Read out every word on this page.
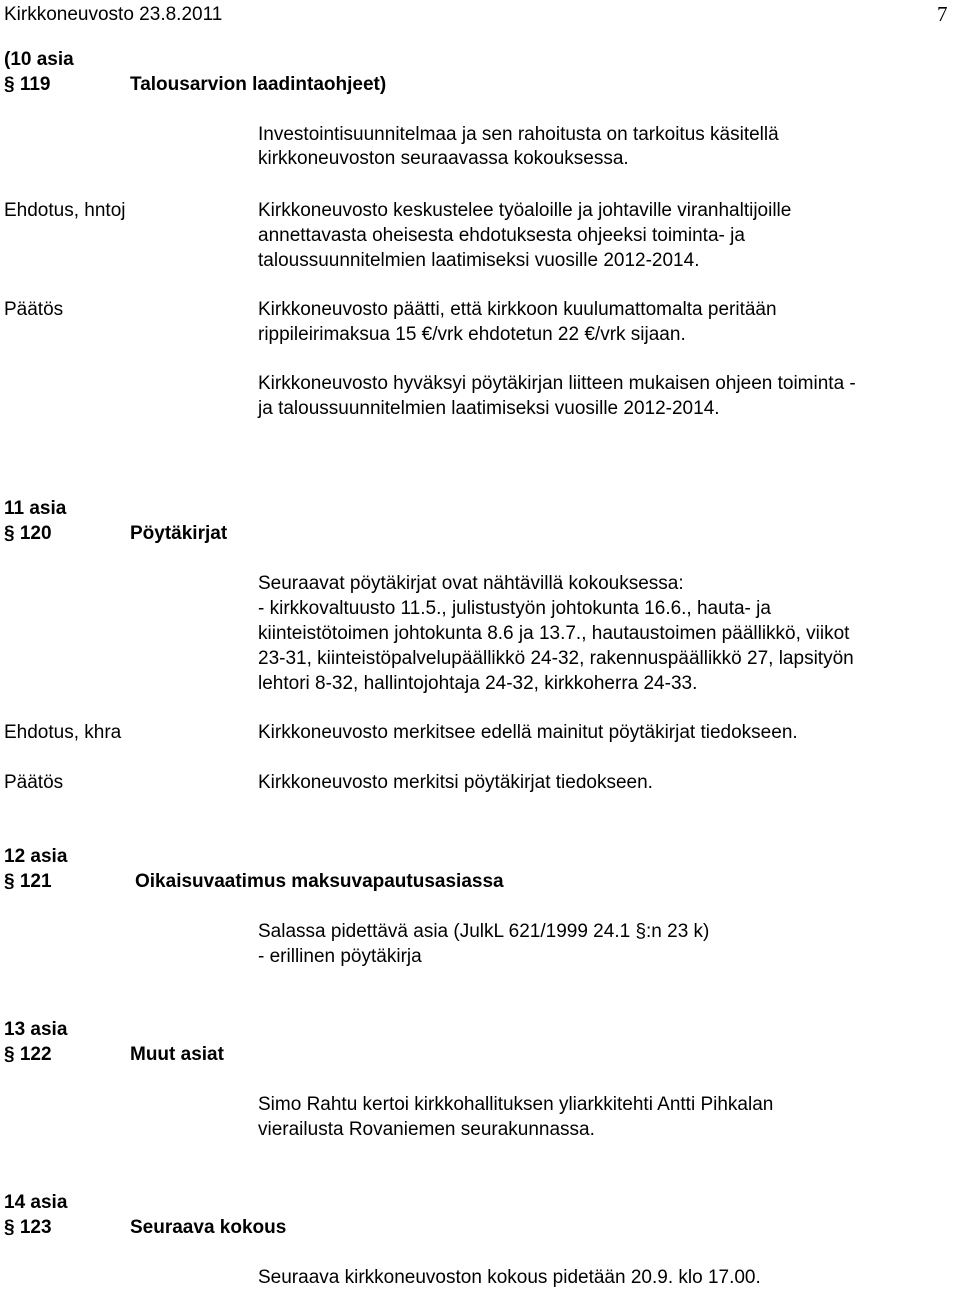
Kirkkoneuvosto 23.8.2011	7
(10 asia
§ 119	Talousarvion laadintaohjeet)
Investointisuunnitelmaa ja sen rahoitusta on tarkoitus käsitellä
kirkkoneuvoston seuraavassa kokouksessa.
Ehdotus, hntoj	Kirkkoneuvosto keskustelee työaloille ja johtaville viranhaltijoille
annettavasta oheisesta ehdotuksesta ohjeeksi toiminta- ja
taloussuunnitelmien laatimiseksi vuosille 2012-2014.
Päätös	Kirkkoneuvosto päätti, että kirkkoon kuulumattomalta peritään
rippileirimaksua 15 €/vrk ehdotetun 22 €/vrk sijaan.
Kirkkoneuvosto hyväksyi pöytäkirjan liitteen mukaisen ohjeen toiminta -
ja taloussuunnitelmien laatimiseksi vuosille 2012-2014.
11 asia
§ 120	Pöytäkirjat
Seuraavat pöytäkirjat ovat nähtävillä kokouksessa:
- kirkkovaltuusto 11.5., julistustyön johtokunta 16.6., hauta- ja
kiinteistötoimen johtokunta 8.6 ja 13.7., hautaustoimen päällikkö, viikot
23-31, kiinteistöpalvelupäällikkö 24-32, rakennuspäällikkö 27, lapsityön
lehtori 8-32, hallintojohtaja 24-32, kirkkoherra 24-33.
Ehdotus, khra	Kirkkoneuvosto merkitsee edellä mainitut pöytäkirjat tiedokseen.
Päätös	Kirkkoneuvosto merkitsi pöytäkirjat tiedokseen.
12 asia
§ 121	Oikaisuvaatimus maksuvapautusasiassa
Salassa pidettävä asia (JulkL 621/1999 24.1 §:n 23 k)
- erillinen pöytäkirja
13 asia
§ 122	Muut asiat
Simo Rahtu kertoi kirkkohallituksen yliarkkitehti Antti Pihkalan
vierailusta Rovaniemen seurakunnassa.
14 asia
§ 123	Seuraava kokous
Seuraava kirkkoneuvoston kokous pidetään 20.9. klo 17.00.
